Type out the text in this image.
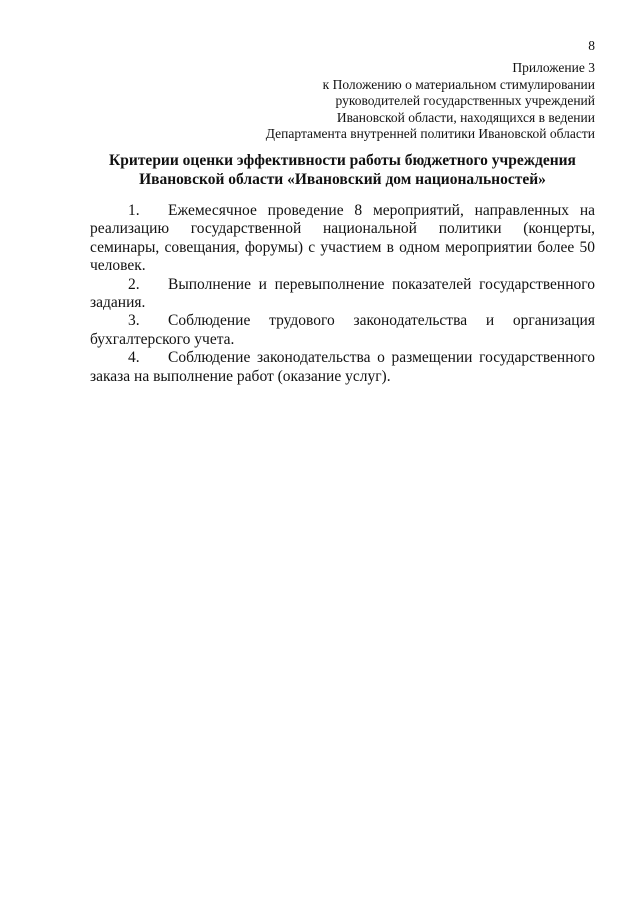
8
Приложение 3
к Положению о материальном стимулировании
руководителей государственных учреждений
Ивановской области, находящихся в ведении
Департамента внутренней политики Ивановской области
Критерии оценки эффективности работы бюджетного учреждения
Ивановской области «Ивановский дом национальностей»

1. Ежемесячное проведение 8 мероприятий, направленных на реализацию государственной национальной политики (концерты, семинары, совещания, форумы) с участием в одном мероприятии более 50 человек.

2. Выполнение и перевыполнение показателей государственного задания.

3. Соблюдение трудового законодательства и организация бухгалтерского учета.

4. Соблюдение законодательства о размещении государственного заказа на выполнение работ (оказание услуг).
